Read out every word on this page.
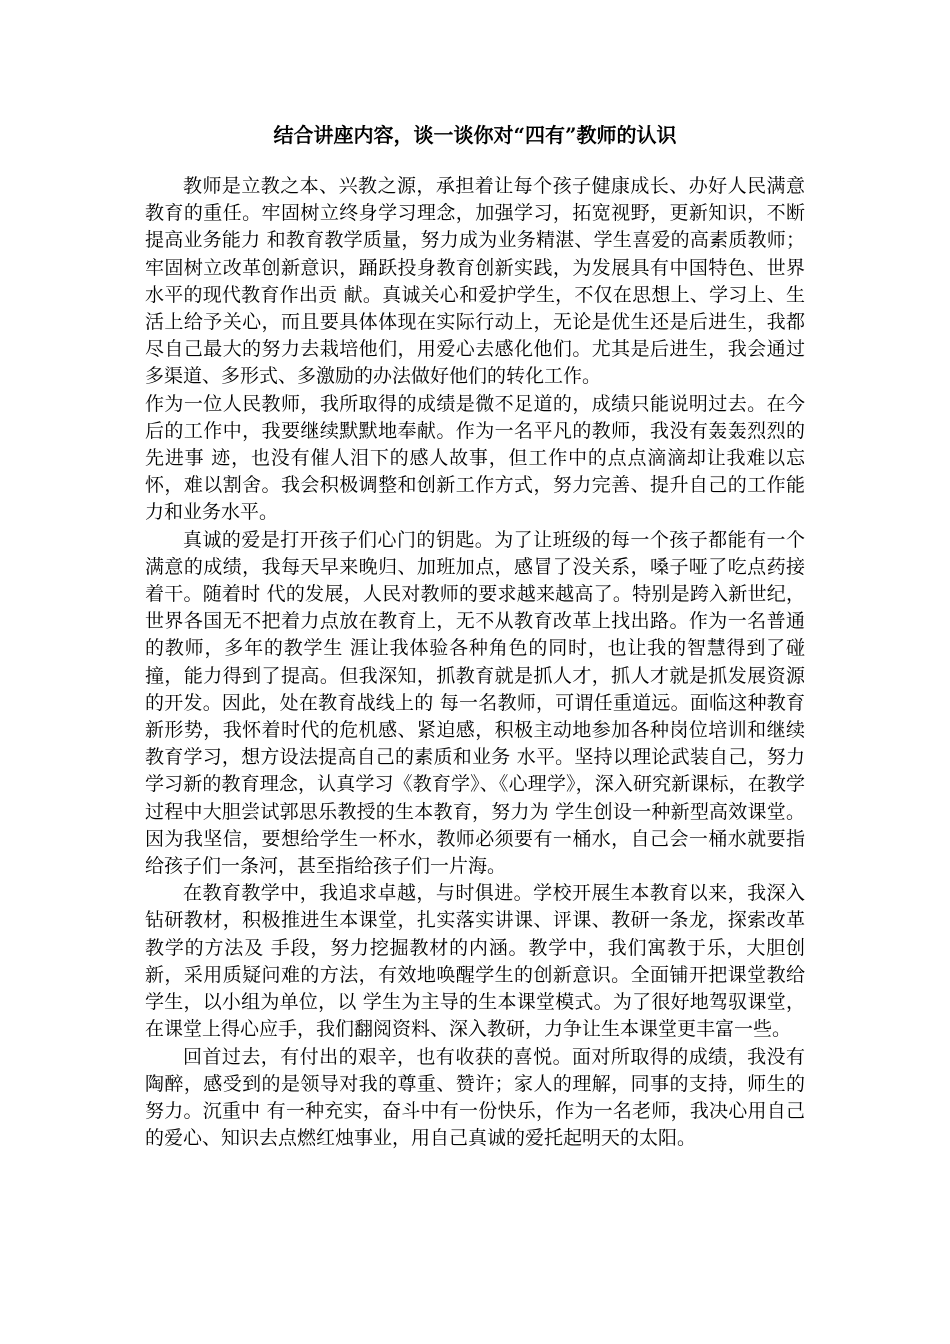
结合讲座内容，谈一谈你对“四有”教师的认识

教师是立教之本、兴教之源，承担着让每个孩子健康成长、办好人民满意教育的重任。牢固树立终身学习理念，加强学习，拓宽视野，更新知识，不断提高业务能力 和教育教学质量，努力成为业务精湛、学生喜爱的高素质教师；牢固树立改革创新意识，踊跃投身教育创新实践，为发展具有中国特色、世界水平的现代教育作出贡 献。真诚关心和爱护学生，不仅在思想上、学习上、生活上给予关心，而且要具体体现在实际行动上，无论是优生还是后进生，我都尽自己最大的努力去栽培他们，用爱心去感化他们。尤其是后进生，我会通过多渠道、多形式、多激励的办法做好他们的转化工作。

作为一位人民教师，我所取得的成绩是微不足道的，成绩只能说明过去。在今后的工作中，我要继续默默地奉献。作为一名平凡的教师，我没有轰轰烈烈的先进事 迹，也没有催人泪下的感人故事，但工作中的点点滴滴却让我难以忘怀，难以割舍。我会积极调整和创新工作方式，努力完善、提升自己的工作能力和业务水平。

真诚的爱是打开孩子们心门的钥匙。为了让班级的每一个孩子都能有一个满意的成绩，我每天早来晚归、加班加点，感冒了没关系，嗓子哑了吃点药接着干。随着时 代的发展，人民对教师的要求越来越高了。特别是跨入新世纪，世界各国无不把着力点放在教育上，无不从教育改革上找出路。作为一名普通的教师，多年的教学生 涯让我体验各种角色的同时，也让我的智慧得到了碰撞，能力得到了提高。但我深知，抓教育就是抓人才，抓人才就是抓发展资源的开发。因此，处在教育战线上的 每一名教师，可谓任重道远。面临这种教育新形势，我怀着时代的危机感、紧迫感，积极主动地参加各种岗位培训和继续教育学习，想方设法提高自己的素质和业务 水平。坚持以理论武装自己，努力学习新的教育理念，认真学习《教育学》、《心理学》，深入研究新课标，在教学过程中大胆尝试郭思乐教授的生本教育，努力为 学生创设一种新型高效课堂。因为我坚信，要想给学生一杯水，教师必须要有一桶水，自己会一桶水就要指给孩子们一条河，甚至指给孩子们一片海。

在教育教学中，我追求卓越，与时俱进。学校开展生本教育以来，我深入钻研教材，积极推进生本课堂，扎实落实讲课、评课、教研一条龙，探索改革教学的方法及 手段，努力挖掘教材的内涵。教学中，我们寓教于乐，大胆创新，采用质疑问难的方法，有效地唤醒学生的创新意识。全面铺开把课堂教给学生，以小组为单位，以 学生为主导的生本课堂模式。为了很好地驾驭课堂，在课堂上得心应手，我们翻阅资料、深入教研，力争让生本课堂更丰富一些。

回首过去，有付出的艰辛，也有收获的喜悦。面对所取得的成绩，我没有陶醉，感受到的是领导对我的尊重、赞许；家人的理解，同事的支持，师生的努力。沉重中 有一种充实，奋斗中有一份快乐，作为一名老师，我决心用自己的爱心、知识去点燃红烛事业，用自己真诚的爱托起明天的太阳。
